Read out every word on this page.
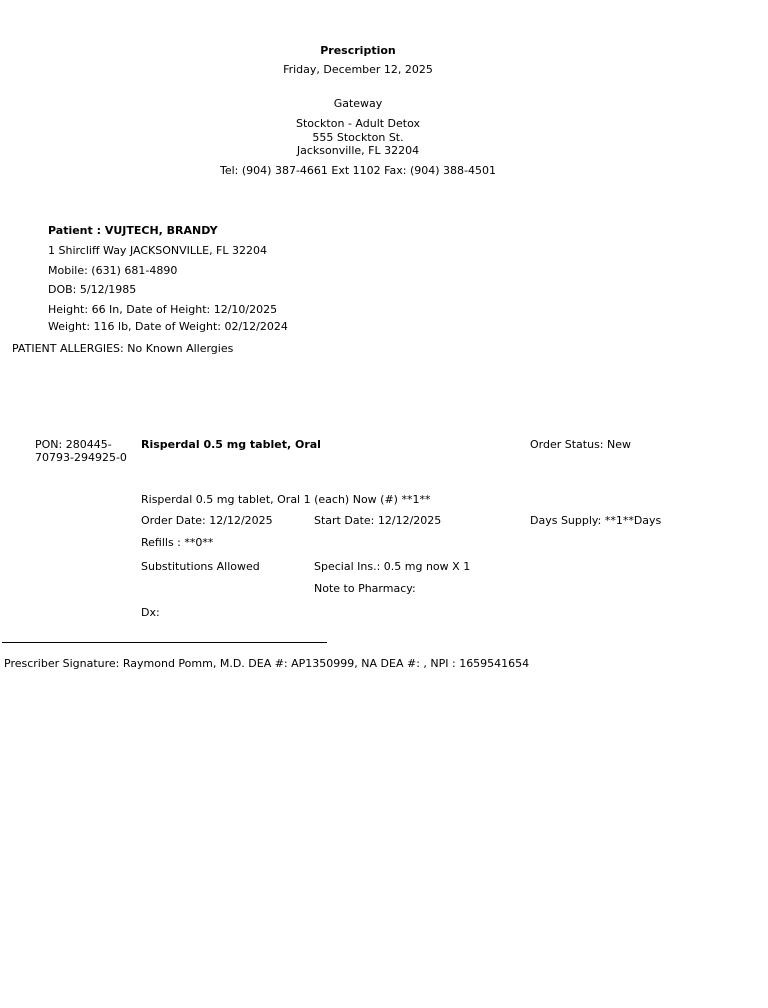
Prescription
Friday, December 12, 2025
Gateway
Stockton - Adult Detox
555 Stockton St.
Jacksonville, FL 32204
Tel: (904) 387-4661 Ext 1102 Fax: (904) 388-4501
Patient : VUJTECH, BRANDY
1 Shircliff Way JACKSONVILLE, FL 32204
Mobile: (631) 681-4890
DOB: 5/12/1985
Height: 66 In, Date of Height: 12/10/2025
Weight: 116 lb, Date of Weight: 02/12/2024
PATIENT ALLERGIES: No Known Allergies
PON: 280445-70793-294925-0
Risperdal 0.5 mg tablet, Oral	Order Status: New
Risperdal 0.5 mg tablet, Oral 1 (each) Now (#) **1**
Order Date: 12/12/2025	Start Date: 12/12/2025	Days Supply: **1**Days
Refills : **0**
Substitutions Allowed	Special Ins.: 0.5 mg now X 1
Note to Pharmacy:
Dx:
Prescriber Signature: Raymond Pomm, M.D. DEA #: AP1350999, NA DEA #: , NPI : 1659541654
